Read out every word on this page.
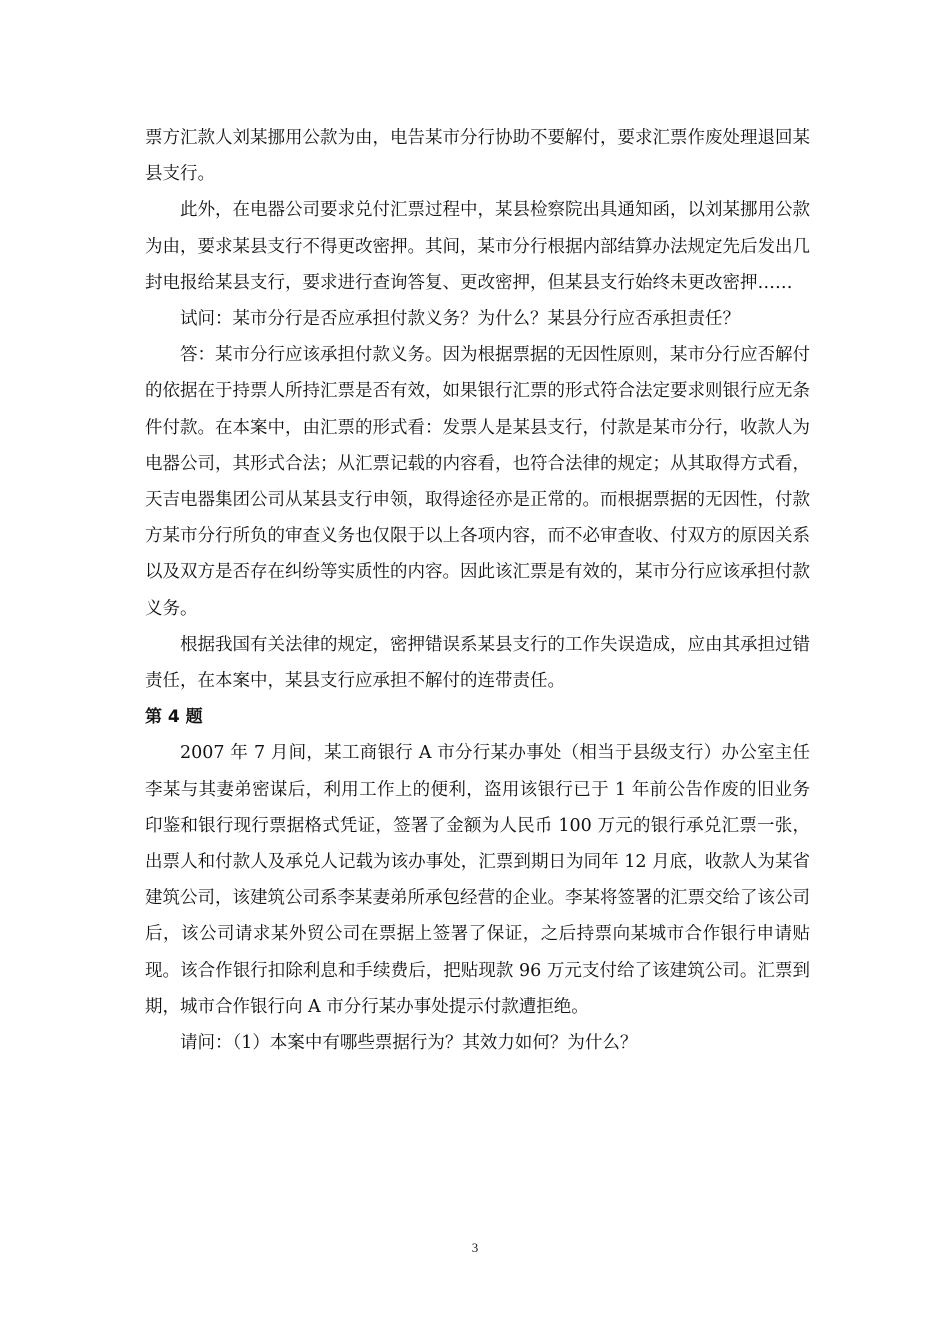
票方汇款人刘某挪用公款为由，电告某市分行协助不要解付，要求汇票作废处理退回某县支行。

此外，在电器公司要求兑付汇票过程中，某县检察院出具通知函，以刘某挪用公款为由，要求某县支行不得更改密押。其间，某市分行根据内部结算办法规定先后发出几封电报给某县支行，要求进行查询答复、更改密押，但某县支行始终未更改密押……

试问：某市分行是否应承担付款义务？为什么？某县分行应否承担责任？

答：某市分行应该承担付款义务。因为根据票据的无因性原则，某市分行应否解付的依据在于持票人所持汇票是否有效，如果银行汇票的形式符合法定要求则银行应无条件付款。在本案中，由汇票的形式看：发票人是某县支行，付款是某市分行，收款人为电器公司，其形式合法；从汇票记载的内容看，也符合法律的规定；从其取得方式看，天吉电器集团公司从某县支行申领，取得途径亦是正常的。而根据票据的无因性，付款方某市分行所负的审查义务也仅限于以上各项内容，而不必审查收、付双方的原因关系以及双方是否存在纠纷等实质性的内容。因此该汇票是有效的，某市分行应该承担付款义务。

根据我国有关法律的规定，密押错误系某县支行的工作失误造成，应由其承担过错责任，在本案中，某县支行应承担不解付的连带责任。

第 4 题

2007 年 7 月间，某工商银行 A 市分行某办事处（相当于县级支行）办公室主任李某与其妻弟密谋后，利用工作上的便利，盗用该银行已于 1 年前公告作废的旧业务印鉴和银行现行票据格式凭证，签署了金额为人民币 100 万元的银行承兑汇票一张，出票人和付款人及承兑人记载为该办事处，汇票到期日为同年 12 月底，收款人为某省建筑公司，该建筑公司系李某妻弟所承包经营的企业。李某将签署的汇票交给了该公司后，该公司请求某外贸公司在票据上签署了保证，之后持票向某城市合作银行申请贴现。该合作银行扣除利息和手续费后，把贴现款 96 万元支付给了该建筑公司。汇票到期，城市合作银行向 A 市分行某办事处提示付款遭拒绝。

请问：（1）本案中有哪些票据行为？其效力如何？为什么？

3
